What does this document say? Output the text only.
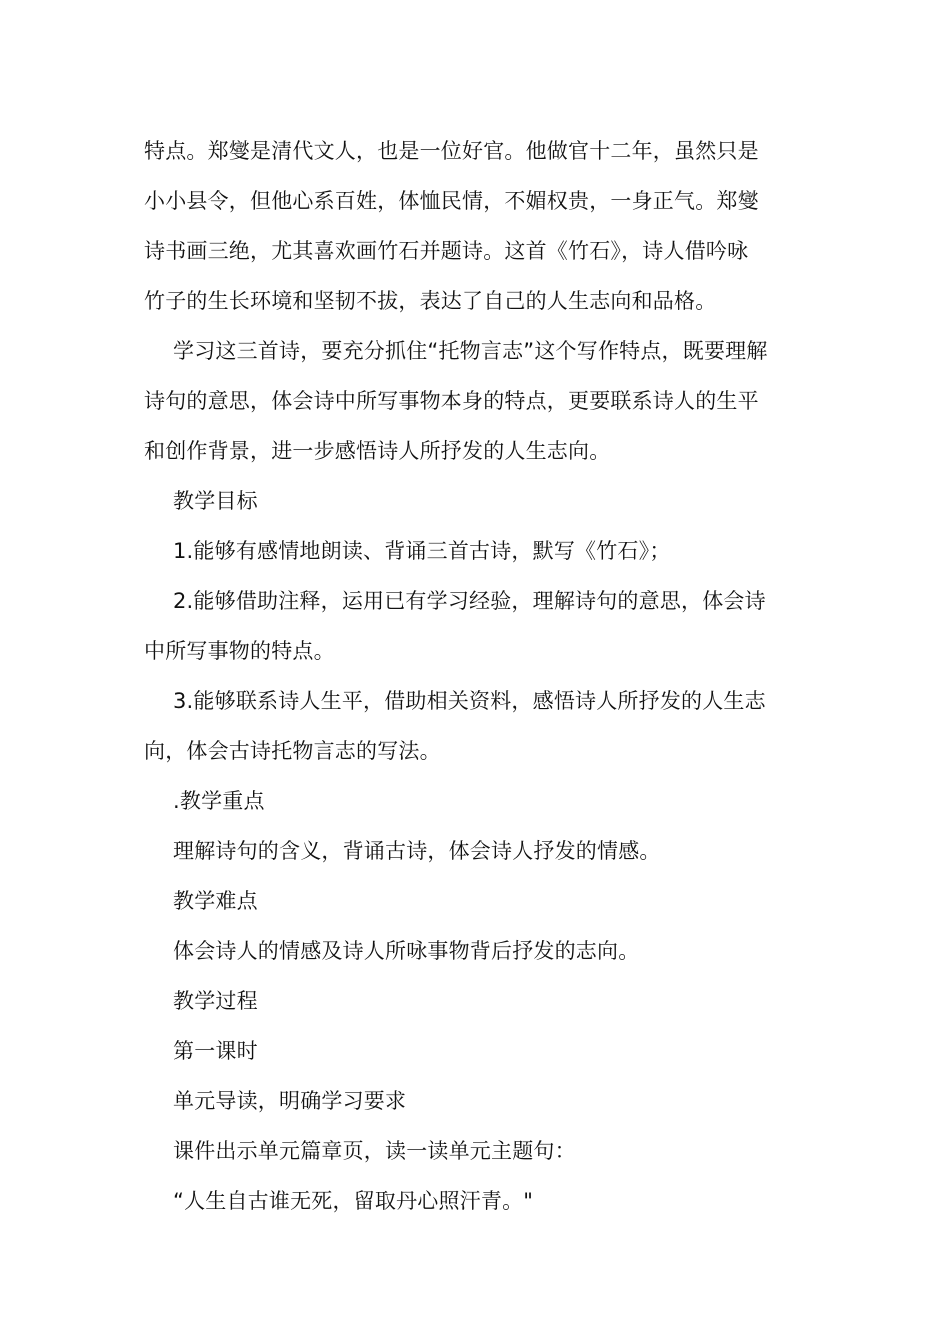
特点。郑燮是清代文人，也是一位好官。他做官十二年，虽然只是

小小县令，但他心系百姓，体恤民情，不媚权贵，一身正气。郑燮

诗书画三绝，尤其喜欢画竹石并题诗。这首《竹石》，诗人借吟咏

竹子的生长环境和坚韧不拔，表达了自己的人生志向和品格。

学习这三首诗，要充分抓住“托物言志”这个写作特点，既要理解

诗句的意思，体会诗中所写事物本身的特点，更要联系诗人的生平

和创作背景，进一步感悟诗人所抒发的人生志向。

教学目标

1.能够有感情地朗读、背诵三首古诗，默写《竹石》；

2.能够借助注释，运用已有学习经验，理解诗句的意思，体会诗

中所写事物的特点。

3.能够联系诗人生平，借助相关资料，感悟诗人所抒发的人生志

向，体会古诗托物言志的写法。

.教学重点

理解诗句的含义，背诵古诗，体会诗人抒发的情感。

教学难点

体会诗人的情感及诗人所咏事物背后抒发的志向。

教学过程

第一课时

单元导读，明确学习要求

课件出示单元篇章页，读一读单元主题句：

“人生自古谁无死，留取丹心照汗青。"
